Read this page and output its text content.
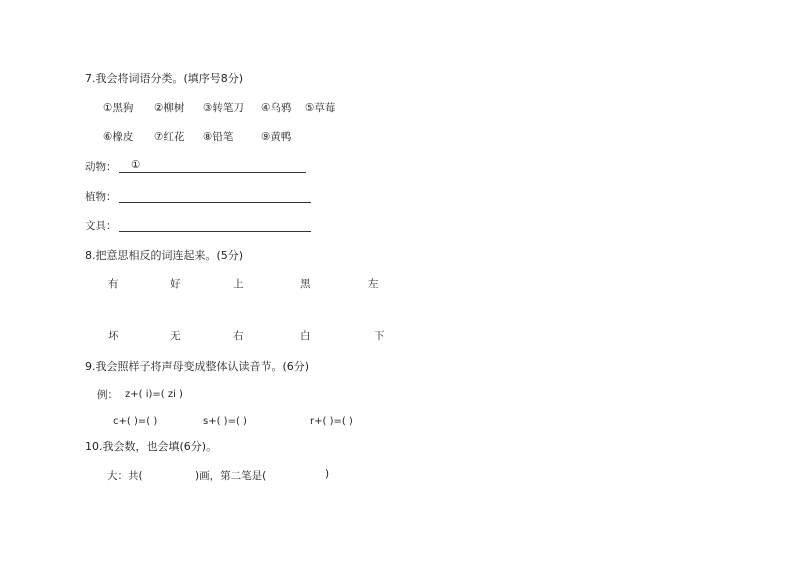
7.我会将词语分类。(填序号8分)
①黑狗 ②柳树 ③转笔刀 ④乌鸦 ⑤草莓
⑥橡皮 ⑦红花 ⑧铅笔	⑨黄鸭
动物： ①
植物：
文具：
8.把意思相反的词连起来。(5分)
有	好	上	黑	左
坏	无	右	白	下
9.我会照样子将声母变成整体认读音节。(6分)
例： z+( i)=( zi )
c+( )=( )	s+( )=( )	r+( )=( )
10.我会数，也会填(6分)。
大：共(	)画，第二笔是(	)
